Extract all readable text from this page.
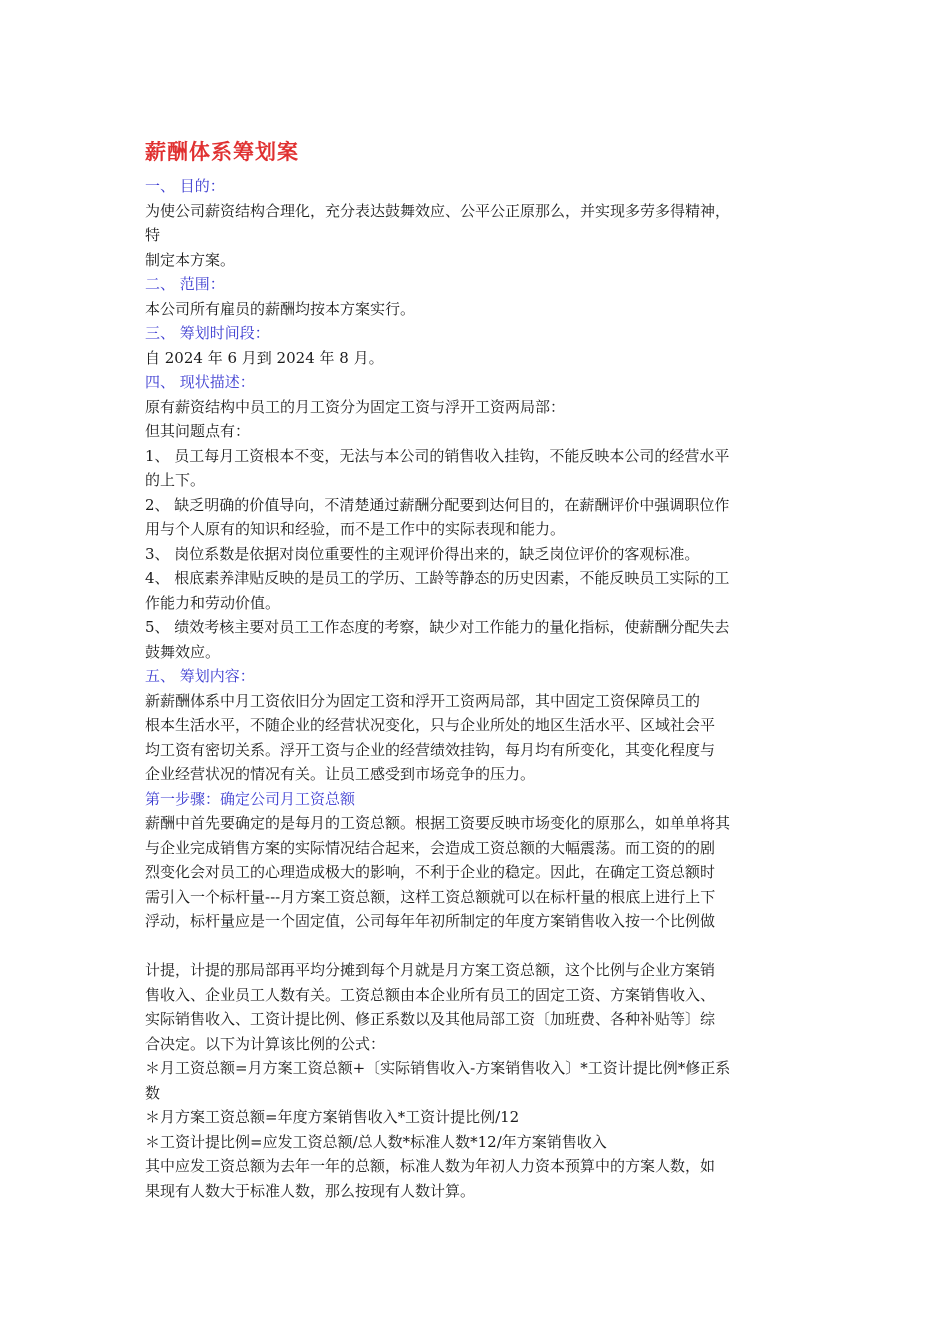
薪酬体系筹划案
一、 目的：
为使公司薪资结构合理化，充分表达鼓舞效应、公平公正原那么，并实现多劳多得精神，
特
制定本方案。
二、 范围：
本公司所有雇员的薪酬均按本方案实行。
三、 筹划时间段：
自 2024 年 6 月到 2024 年 8 月。
四、 现状描述：
原有薪资结构中员工的月工资分为固定工资与浮开工资两局部：
但其问题点有：
1、 员工每月工资根本不变，无法与本公司的销售收入挂钩，不能反映本公司的经营水平
的上下。
2、 缺乏明确的价值导向，不清楚通过薪酬分配要到达何目的，在薪酬评价中强调职位作
用与个人原有的知识和经验，而不是工作中的实际表现和能力。
3、 岗位系数是依据对岗位重要性的主观评价得出来的，缺乏岗位评价的客观标准。
4、 根底素养津贴反映的是员工的学历、工龄等静态的历史因素，不能反映员工实际的工
作能力和劳动价值。
5、 绩效考核主要对员工工作态度的考察，缺少对工作能力的量化指标，使薪酬分配失去
鼓舞效应。
五、 筹划内容：
新薪酬体系中月工资依旧分为固定工资和浮开工资两局部，其中固定工资保障员工的
根本生活水平，不随企业的经营状况变化，只与企业所处的地区生活水平、区域社会平
均工资有密切关系。浮开工资与企业的经营绩效挂钩，每月均有所变化，其变化程度与
企业经营状况的情况有关。让员工感受到市场竞争的压力。
第一步骤：确定公司月工资总额
薪酬中首先要确定的是每月的工资总额。根据工资要反映市场变化的原那么，如单单将其
与企业完成销售方案的实际情况结合起来，会造成工资总额的大幅震荡。而工资的的剧
烈变化会对员工的心理造成极大的影响，不利于企业的稳定。因此，在确定工资总额时
需引入一个标杆量---月方案工资总额，这样工资总额就可以在标杆量的根底上进行上下
浮动，标杆量应是一个固定值，公司每年年初所制定的年度方案销售收入按一个比例做
计提，计提的那局部再平均分摊到每个月就是月方案工资总额，这个比例与企业方案销
售收入、企业员工人数有关。工资总额由本企业所有员工的固定工资、方案销售收入、
实际销售收入、工资计提比例、修正系数以及其他局部工资〔加班费、各种补贴等〕综
合决定。以下为计算该比例的公式：
＊月工资总额=月方案工资总额+〔实际销售收入-方案销售收入〕*工资计提比例*修正系
数
＊月方案工资总额=年度方案销售收入*工资计提比例/12
＊工资计提比例=应发工资总额/总人数*标准人数*12/年方案销售收入
其中应发工资总额为去年一年的总额，标准人数为年初人力资本预算中的方案人数，如
果现有人数大于标准人数，那么按现有人数计算。
